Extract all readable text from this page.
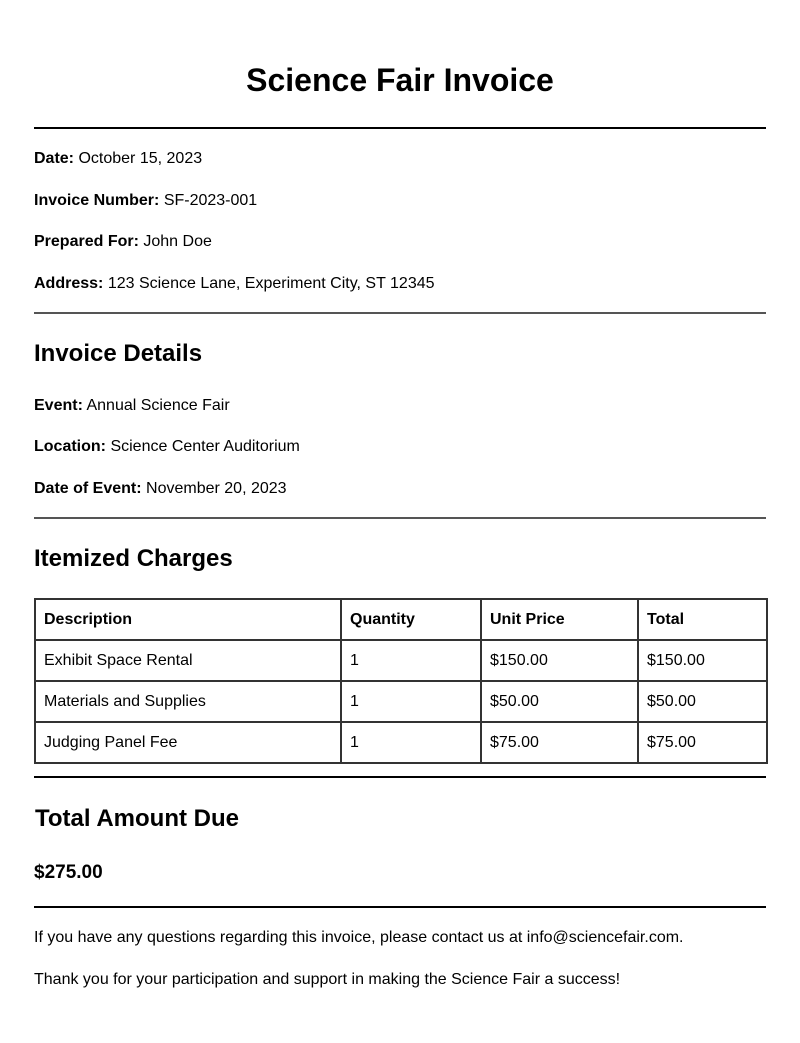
Science Fair Invoice

Date: October 15, 2023

Invoice Number: SF-2023-001

Prepared For: John Doe

Address: 123 Science Lane, Experiment City, ST 12345

Invoice Details

Event: Annual Science Fair

Location: Science Center Auditorium

Date of Event: November 20, 2023

Itemized Charges
Description	Quantity	Unit Price	Total
Exhibit Space Rental	1	$150.00	$150.00
Materials and Supplies	1	$50.00	$50.00
Judging Panel Fee	1	$75.00	$75.00
Total Amount Due

$275.00

If you have any questions regarding this invoice, please contact us at info@sciencefair.com.

Thank you for your participation and support in making the Science Fair a success!
